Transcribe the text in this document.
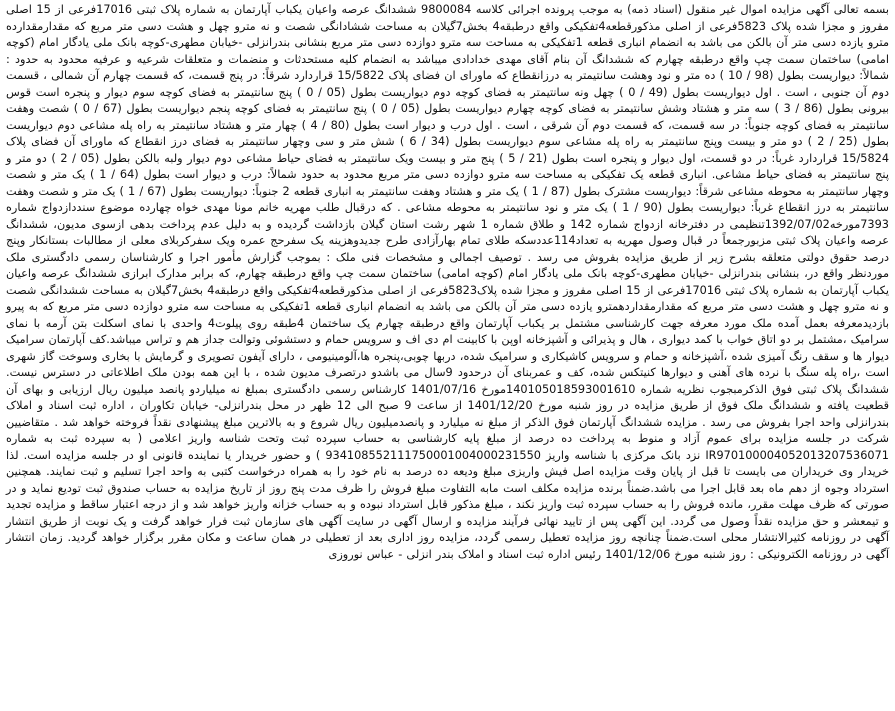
بسمه تعالی آگهی مزایده اموال غیر منقول (اسناد ذمه) به موجب پرونده اجرائی کلاسه 9800084 ششدانگ عرصه واعیان یکباب آپارتمان به شماره پلاک ثبتی 17016فرعی از 15 اصلی مفروز و مجزا شده پلاک 5823فرعی از اصلی مذکورقطعه4تفکیکی واقع درطبقه4 بخش7گیلان به مساحت ششادانگی شصت و نه مترو چهل و هشت دسی متر مربع که مقدارمقدارده مترو یازده دسی متر آن بالکن می باشد به انضمام انباری قطعه 1تفکیکی به مساحت سه مترو دوازده دسی متر مربع بنشانی بندرانزلی -خیابان مطهری-کوچه بانک ملی یادگار امام (کوچه امامی) ساختمان سمت چپ واقع درطبقه چهارم که ششدانگ آن بنام آقای مهدی خدادادی میباشد به انضمام کلیه مستحدثات و منضمات و متعلقات شرعیه و عرفیه محدود به حدود : شمالاً: دیواریست بطول (98 / 10 ) ده متر و نود وهشت سانتیمتر به درزانقطاع که ماورای ان فضای پلاک 15/5822 قراردارد شرقاً: در پنج قسمت، که قسمت چهارم آن شمالی ، قسمت دوم آن جنوبی ، است . اول دیواریست بطول (49 / 0 ) چهل ونه سانتیمتر به فضای کوچه دوم دیواریست بطول (05 / 0 ) پنج سانتیمتر به فضای کوچه سوم دیوار و پنجره است قوس بیرونی بطول (86 / 3 ) سه متر و هشتاد وشش سانتیمتر به فضای کوچه چهارم دیواریست بطول (05 / 0 ) پنج سانتیمتر به فضای کوچه پنجم دیواریست بطول (67 / 0 ) شصت وهفت سانتیمتر به فضای کوچه جنوباً: در سه قسمت، که قسمت دوم آن شرقی ، است . اول درب و دیوار است بطول (80 / 4 ) چهار متر و هشتاد سانتیمتر به راه پله مشاعی دوم دیواریست بطول (25 / 2 ) دو متر و بیست وپنج سانتیمتر به راه پله مشاعی سوم دیواریست بطول (34 / 6 ) شش متر و سی وچهار سانتیمتر به فضای درز انقطاع که ماورای آن فضای پلاک 15/5824 قراردارد غرباً: در دو قسمت، اول دیوار و پنجره است بطول (21 / 5 ) پنج متر و بیست ویک سانتیمتر به فضای حیاط مشاعی دوم دیوار ولبه بالکن بطول (05 / 2 ) دو متر و پنج سانتیمتر به فضای حیاط مشاعی. انباری قطعه یک تفکیکی به مساحت سه مترو دوازده دسی متر مربع محدود به حدود شمالاً: درب و دیوار است بطول (64 / 1 ) یک متر و شصت وچهار سانتیمتر به محوطه مشاعی شرقاً: دیواریست مشترک بطول (87 / 1 ) یک متر و هشتاد وهفت سانتیمتر به انباری قطعه 2 جنوباً: دیواریست بطول (67 / 1 ) یک متر و شصت وهفت سانتیمتر به درز انقطاع غرباً: دیواریست بطول (90 / 1 ) یک متر و نود سانتیمتر به محوطه مشاعی . که درقبال طلب مهریه خانم مونا مهدی خواه چهارده موضوع سنددازدواج شماره 7393مورخه1392/07/02تنظیمی در دفترخانه ازدواج شماره 142 و طلاق شماره 1 شهر رشت استان گیلان بازداشت گردیده و به دلیل عدم پرداخت بدهی ازسوی مدیون، ششدانگ عرصه واعیان پلاک ثبتی مزبورجمعاً در قبال وصول مهریه به تعداد114عددسکه طلای تمام بهارآزادی طرح جدیدوهزینه یک سفرحج عمره ویک سفرکربلای معلی از مطالبات بستانکار وپنج درصد حقوق دولتی متعلقه بشرح زیر از طریق مزایده بفروش می رسد . توصیف اجمالی و مشخصات فنی ملک : بموجب گزارش مأمور اجرا و کارشناسان رسمی دادگستری ملک موردنظر واقع در، بنشانی بندرانزلی -خیابان مطهری-کوچه بانک ملی یادگار امام (کوچه امامی) ساختمان سمت چپ واقع درطبقه چهارم، که برابر مدارک ابرازی ششدانگ عرصه واعیان یکباب آپارتمان به شماره پلاک ثبتی 17016فرعی از 15 اصلی مفروز و مجزا شده پلاک5823فرعی از اصلی مذکورقطعه4تفکیکی واقع درطبقه4 بخش7گیلان به مساحت ششدانگی شصت و نه مترو چهل و هشت دسی متر مربع که مقدارمقداردهمترو یازده دسی متر آن بالکن می باشد به انضمام انباری قطعه 1تفکیکی به مساحت سه مترو دوازده دسی متر مربع که به پیرو بازدیدمعرفه بعمل آمده ملک مورد معرفه جهت کارشناسی مشتمل بر یکباب آپارتمان واقع درطبقه چهارم یک ساختمان 4طبقه روی پیلوت4 واحدی با نمای اسکلت بتن آرمه با نمای سرامیک ،مشتمل بر دو اتاق خواب با کمد دیواری ، هال و پذیرائی و آشپزخانه اوپن با کابینت ام دی اف و سرویس حمام و دستشوئی وتوالت جداز هم و تراس میباشد.کف آپارتمان سرامیک دیوار ها و سقف رنگ آمیزی شده ،آشپزخانه و حمام و سرویس کاشیکاری و سرامیک شده، دربها چوبی،پنجره ها،آلومینیومی ، دارای آیفون تصویری و گرمایش با بخاری وسوخت گاز شهری است ،راه پله سنگ با نرده های آهنی و دیوارها کنیتکس شده، کف و عمربنای آن درحدود 9سال می باشدو درتصرف مدیون شده ، با این همه بودن ملک اطلاعاتی در دسترس نیست. ششدانگ پلاک ثبتی فوق الذکرمبجوب نظریه شماره 140105018593001610مورخ 1401/07/16 کارشناس رسمی دادگستری بمبلغ نه میلیاردو پانصد میلیون ریال ارزیابی و بهای آن قطعیت یافته و ششدانگ ملک فوق از طریق مزایده در روز شنبه مورخ 1401/12/20 از ساعت 9 صبح الی 12 ظهر در محل بندرانزلی- خیابان تکاوران ، اداره ثبت اسناد و املاک بندرانزلی واحد اجرا بفروش می رسد . مزایده ششدانگ آپارتمان فوق الذکر از مبلغ نه میلیارد و پانصدمیلیون ریال شروع و به بالاترین مبلغ پیشنهادی نقداً فروخته خواهد شد . متقاضیین شرکت در جلسه مزایده برای عموم آزاد و منوط به پرداخت ده درصد از مبلغ پایه کارشناسی به حساب سپرده ثبت وتحت شناسه واریز اعلامی ( به سپرده ثبت به شماره IR970100004052013207536071 نزد بانک مرکزی با شناسه واریز 934108552111750001004000231550 ) و حضور خریدار یا نماینده قانونی او در جلسه مزایده است. لذا خریدار وی خریداران می بایست تا قبل از پایان وقت مزایده اصل فیش واریزی مبلغ ودیعه ده درصد به نام خود را به همراه درخواست کتبی به واحد اجرا تسلیم و ثبت نمایند. همچنین استرداد وجوه از دهم ماه بعد قابل اجرا می باشد.ضمناً برنده مزایده مکلف است مابه التفاوت مبلغ فروش را ظرف مدت پنج روز از تاریخ مزایده به حساب صندوق ثبت تودیع نماید و در صورتی که ظرف مهلت مقرر، مانده فروش را به حساب سپرده ثبت واریز نکند ، مبلغ مذکور قابل استرداد نبوده و به حساب خزانه واریز خواهد شد و از درجه اعتبار ساقط و مزایده تجدید و تیمعشر و حق مزایده نقداً وصول می گردد. این آگهی پس از تایید نهائی فرآیند مزایده و ارسال آگهی در سایت آگهی های سازمان ثبت فرار خواهد گرفت و یک نوبت از طریق انتشار آگهی در روزنامه کثیرالانتشار محلی است.ضمناً چنانچه روز مزایده تعطیل رسمی گردد، مزایده روز اداری بعد از تعطیلی در همان ساعت و مکان مقرر برگزار خواهد گردید. زمان انتشار آگهی در روزنامه الکترونیکی : روز شنبه مورخ 1401/12/06 رئیس اداره ثبت اسناد و املاک بندر انزلی - عباس نوروزی
